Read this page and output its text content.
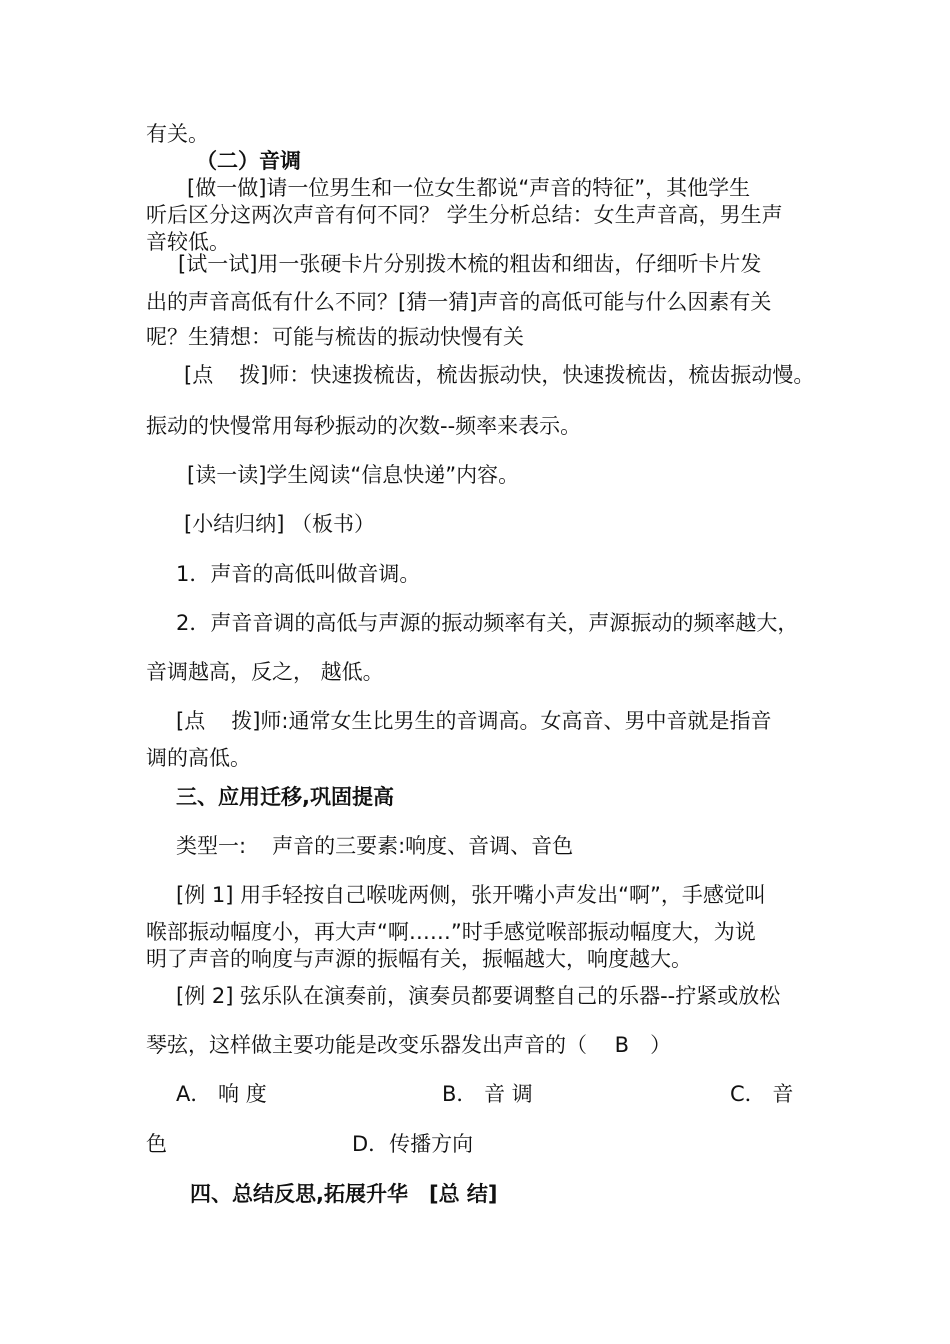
有关。
（二）音调
[做一做]请一位男生和一位女生都说“声音的特征”，其他学生
听后区分这两次声音有何不同？ 学生分析总结：女生声音高，男生声
音较低。
[试一试]用一张硬卡片分别拨木梳的粗齿和细齿，仔细听卡片发
出的声音高低有什么不同？[猜一猜]声音的高低可能与什么因素有关
呢？生猜想：可能与梳齿的振动快慢有关
[点 拨]师：快速拨梳齿，梳齿振动快，快速拨梳齿，梳齿振动慢。
振动的快慢常用每秒振动的次数--频率来表示。
[读一读]学生阅读“信息快递”内容。
[小结归纳] （板书）
1．声音的高低叫做音调。
2．声音音调的高低与声源的振动频率有关，声源振动的频率越大，
音调越高，反之， 越低。
[点 拨]师:通常女生比男生的音调高。女高音、男中音就是指音
调的高低。
三、应用迁移,巩固提高
类型一: 声音的三要素:响度、音调、音色
[例 1] 用手轻按自己喉咙两侧，张开嘴小声发出“啊”，手感觉叫
喉部振动幅度小，再大声“啊……”时手感觉喉部振动幅度大，为说
明了声音的响度与声源的振幅有关，振幅越大，响度越大。
[例 2] 弦乐队在演奏前，演奏员都要调整自己的乐器--拧紧或放松
琴弦，这样做主要功能是改变乐器发出声音的（　 B　）
A． 响 度	B． 音 调	C． 音
色	D．传播方向
四、总结反思,拓展升华　[总 结]
